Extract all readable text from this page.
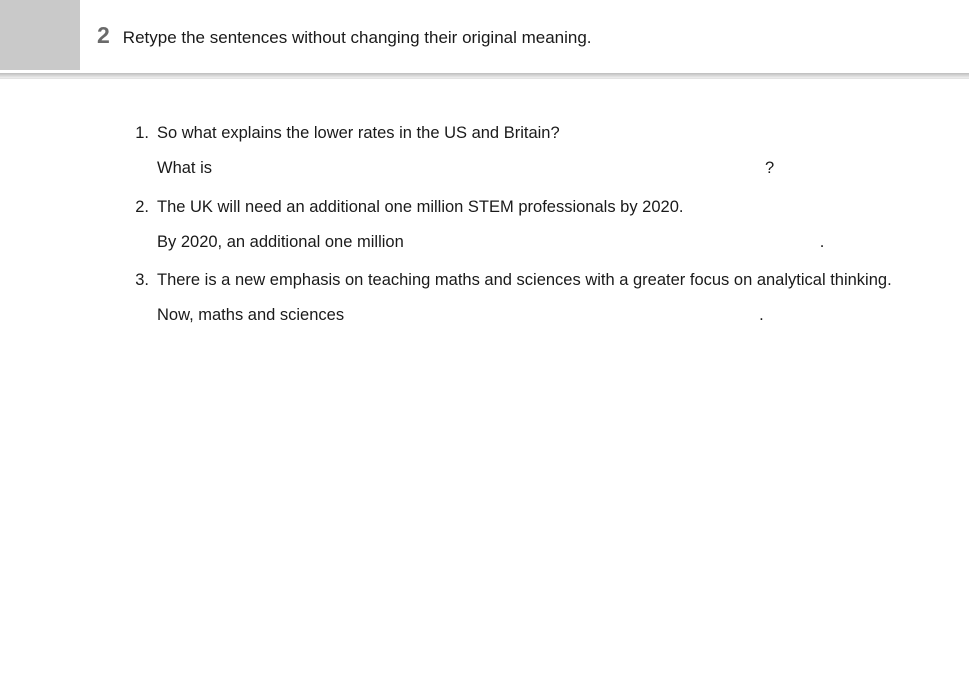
2 Retype the sentences without changing their original meaning.
1. So what explains the lower rates in the US and Britain?
What is	?
2. The UK will need an additional one million STEM professionals by 2020.
By 2020, an additional one million	.
3. There is a new emphasis on teaching maths and sciences with a greater focus on analytical thinking.
Now, maths and sciences	.
